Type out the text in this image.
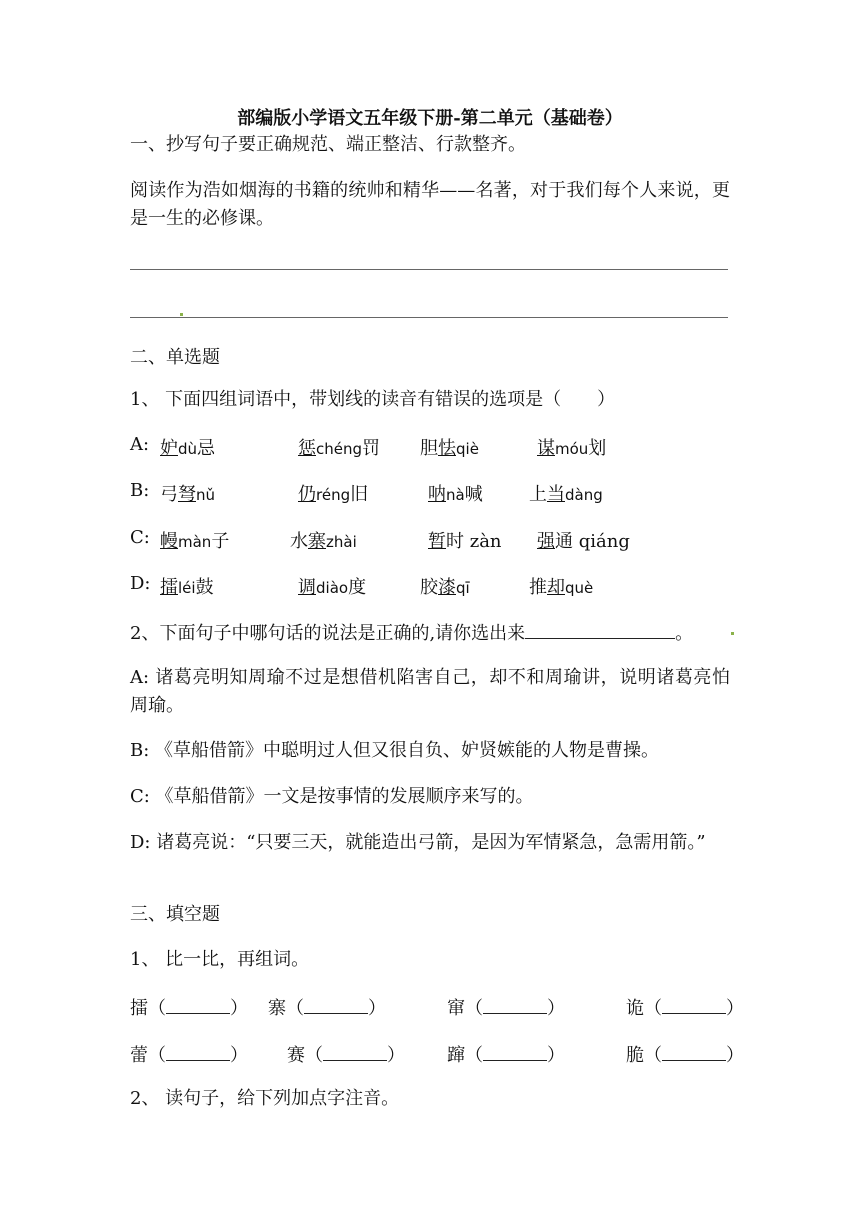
部编版小学语文五年级下册-第二单元（基础卷）
一、抄写句子要正确规范、端正整洁、行款整齐。
阅读作为浩如烟海的书籍的统帅和精华——名著，对于我们每个人来说，更是一生的必修课。
二、单选题
1、 下面四组词语中，带划线的读音有错误的选项是（　　）
A: 妒dù忌	惩chéng罚 胆怯qiè	谋móu划
B: 弓弩nǔ	仍réng旧	呐nà喊	上当dàng
C: 幔màn子	水寨zhài	暂时 zàn 强通 qiáng
D: 擂léi鼓	调diào度	胶漆qī	推却què
2、下面句子中哪句话的说法是正确的,请你选出来	。
A: 诸葛亮明知周瑜不过是想借机陷害自己，却不和周瑜讲，说明诸葛亮怕周瑜。
B: 《草船借箭》中聪明过人但又很自负、妒贤嫉能的人物是曹操。
C: 《草船借箭》一文是按事情的发展顺序来写的。
D: 诸葛亮说：“只要三天，就能造出弓箭，是因为军情紧急，急需用箭。”
三、填空题
1、 比一比，再组词。
擂（	） 寨（	）	窜（	）	诡（	）
蕾（	） 赛（	） 蹿（	）	脆（	）
2、 读句子，给下列加点字注音。
